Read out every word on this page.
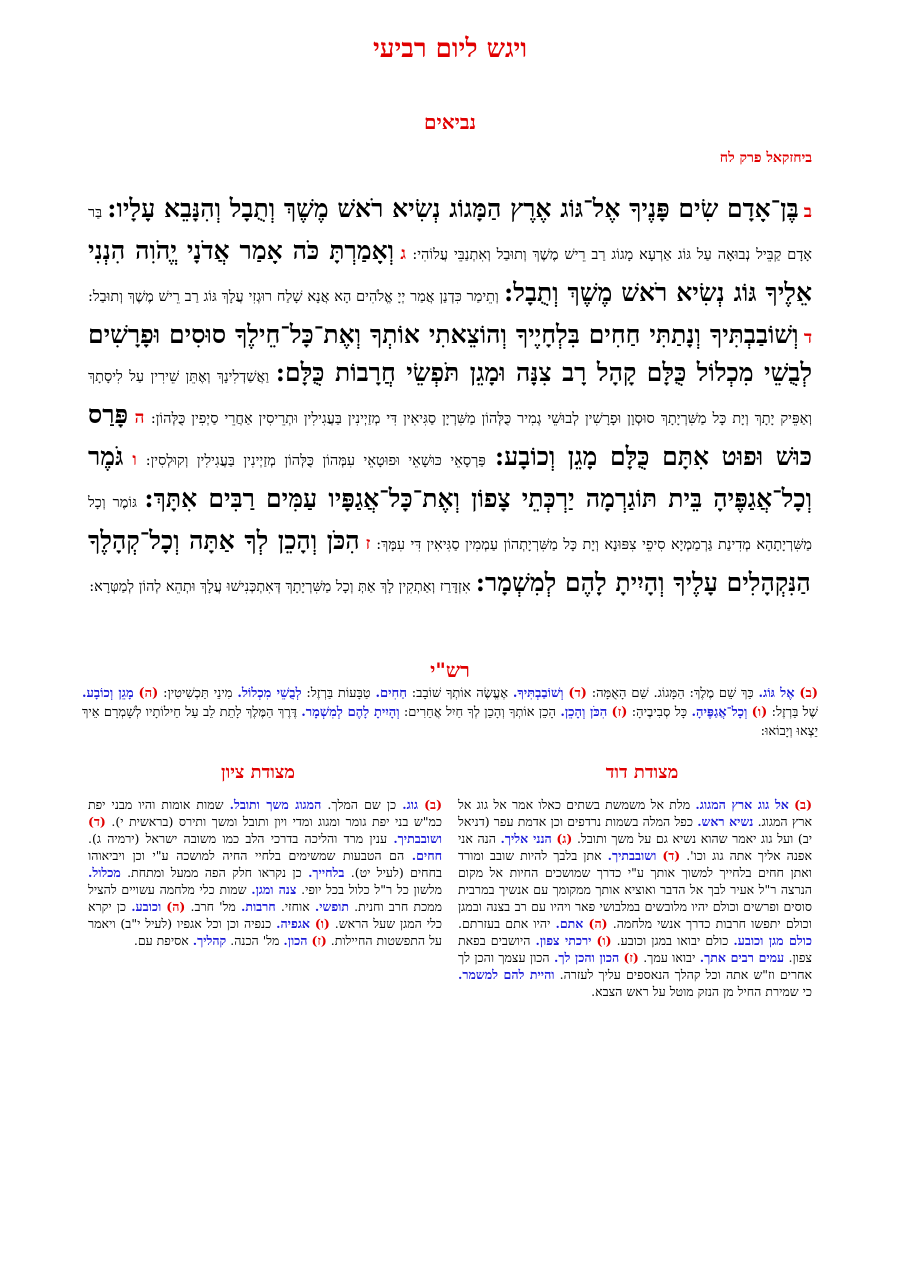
ויגש ליום רביעי
נביאים
ביחזקאל פרק לח
ב בֶּן־אָדָם שִׂים פָּנֶיךָ אֶל־גּוֹג אֶרֶץ הַמָּגוֹג נְשִׂיא רֹאשׁ מֶשֶׁךְ וְתֻבָל וְהִנָּבֵא עָלָיו: בַּר אָדָם קַבֵּיל נְבוּאָה עַל גּוֹג אַרְעָא מָגוֹג רַב רֵישׁ מֶשֶׁךְ וְתוּבַל וְאִתְנַבֵּי עֲלוֹהִי: ג וְאָמַרְתָּ כֹּה אָמַר אֲדֹנָי יֱהֹוִה הִנְנִי אֵלֶיךָ גּוֹג נְשִׂיא רֹאשׁ מֶשֶׁךְ וְתֻבָל: וְתֵימַר כִּדְנַן אֲמַר יְיָ אֱלֹהִים הָא אֲנָא שָׁלַח רוּגְזִי עֲלָךְ גּוֹג רַב רֵישׁ מֶשֶׁךְ וְתוּבַל: ד וְשׁוֹבַבְתִּיךָ וְנָתַתִּי חַחִים בִּלְחָיֶיךָ וְהוֹצֵאתִי אוֹתְךָ וְאֶת־כָּל־חֵילֶךָ סוּסִים וּפָרָשִׁים לְבֻשֵׁי מִכְלוֹל כֻּלָּם קָהָל רָב צִנָּה וּמָגֵן תֹּפְשֵׂי חֲרָבוֹת כֻּלָּם: וַאֲשַׁדְלִינָךְ וְאֶתֵּן שֵׁירִין עַל לִיסָתָךְ וְאַפֵּיק יָתָךְ וְיָת כָּל מַשִּׁרְיָתָךְ סוּסְוָן וּפָרָשִׁין לְבוּשֵׁי גְמִיר כֻּלְּהוֹן מַשִּׁרְיָן סַגִּיאִין דִּי מְזַיְינִין בַּעֲגִילִין וּתְרֵיסִין אַחֲרֵי סַיְפִין כֻּלְּהוֹן: ה פָּרַס כּוּשׁ וּפוּט אִתָּם כֻּלָּם מָגֵן וְכוֹבָע: פַּרְסָאֵי כּוּשָׁאֵי וּפוּטָאֵי עִמְּהוֹן כֻּלְּהוֹן מְזַיְינִין בַּעֲגִילִין וְקוּלְסִין: ו גֹּמֶר וְכָל־אֲגַפֶּיהָ בֵּית תּוֹגַרְמָה יַרְכְּתֵי צָפוֹן וְאֶת־כָּל־אֲגַפָּיו עַמִּים רַבִּים אִתָּךְ: גּוֹמֶר וְכָל מַשִּׁרְיָתָהָא מְדִינַת גַּרְמַמְיָא סִיפֵי צִפּוּנָא וְיָת כָּל מַשִּׁרְיָתְהוֹן עַמְמִין סַגִּיאִין דִּי עִמָּךְ: ז הִכֹּן וְהָכֵן לְךָ אַתָּה וְכָל־קְהָלֶךָ הַנִּקְהָלִים עָלֶיךָ וְהָיִיתָ לָהֶם לְמִשְׁמָר: אִזְדָּרַז וְאַתְקִין לָךְ אַתְּ וְכָל מַשִּׁרְיָתָךְ דְּאִתְכְּנִישׁוּ עֲלָךְ וּתְהֵא לְהוֹן לְמַטְּרָא:
רש"י
(ב) אֶל גּוֹג. כַּךְ שֵׁם מֶלֶךְ: הַמָּגוֹג. שֵׁם הָאֻמָּה: (ד) וְשׁוֹבַבְתִּיךָ. אֶעֱשֶׂה אוֹתְךָ שׁוֹבָב: חַחִים. טַבָּעוֹת בַּרְזֶל: לְבֻשֵׁי מִכְלוֹל. מִינֵי תַּכְשִׁיטִין: (ה) מָגֵן וְכוֹבָע. שֶׁל בַּרְזֶל: (ו) וְכָל־אֲגַפֶּיהָ. כָּל סְבִיבֶיהָ: (ז) הִכֹּן וְהָכֵן. הָכֵן אוֹתְךָ וְהָכֵן לְךָ חַיִל אֲחֵרִים: וְהָיִיתָ לָהֶם לְמִשְׁמָר. דֶּרֶךְ הַמֶּלֶךְ לָתֵת לֵב עַל חֵילוֹתָיו לְשָׁמְרָם אֵיךְ יֵצְאוּ וְיָבוֹאוּ:
מצודת דוד
מצודת ציון
(ב) אל גוג ארץ המגוג. מלת אל משמשת בשתים כאלו אמר אל גוג אל ארץ המגוג. נשיא ראש. כפל המלה בשמות נרדפים וכן אדמת עפר (דניאל יב) ועל גוג יאמר שהוא נשיא גם על משך ותובל. (ג) הנני אליך. הנה אני אפנה אליך אתה גוג וכו'. (ד) ושובבתיך. אתן בלבך להיות שובב ומורד ואתן חחים בלחייך למשוך אותך ע"י כדרך שמושכים החיות אל מקום הנרצה ר"ל אעיר לבך אל הדבר ואוציא אותך ממקומך עם אנשיך במרבית סוסים ופרשים וכולם יהיו מלובשים במלבושי פאר ויהיו עם רב בצנה ובמגן וכולם יתפשו חרבות כדרך אנשי מלחמה. (ה) אתם. יהיו אתם בעזרתם. כולם מגן וכובע. כולם יבואו במגן וכובע. (ו) ירכתי צפון. היושבים בפאת צפון. עמים רבים אתך. יבואו עמך. (ז) הכון והכן לך. הכון עצמך והכן לך אחרים וז"ש אתה וכל קהלך הנאספים עליך לעזרה. והיית להם למשמר. כי שמירת החיל מן הנזק מוטל על ראש הצבא.
(ב) גוג. כן שם המלך. המגוג משך ותובל. שמות אומות והיו מבני יפת כמ"ש בני יפת גומר ומגוג ומדי ויון ותובל ומשך ותירס (בראשית י). (ד) ושובבתיך. ענין מרד והליכה בדרכי הלב כמו משובה ישראל (ירמיה ג). חחים. הם הטבעות שמשימים בלחיי החיה למושכה ע"י וכן ויביאוהו בחחים (לעיל יט). בלחייך. כן נקראו חלק הפה ממעל ומתחת. מכלול. מלשון כל ר"ל כלול בכל יופי. צנה ומגן. שמות כלי מלחמה עשויים להציל ממכת חרב וחנית. תופשי. אוחזי. חרבות. מל' חרב. (ה) וכובע. כן יקרא כלי המגן שעל הראש. (ו) אגפיה. כנפיה וכן וכל אגפיו (לעיל י"ב) ויאמר על התפשטות החיילות. (ז) הכון. מל' הכנה. קהליך. אסיפת עם.
